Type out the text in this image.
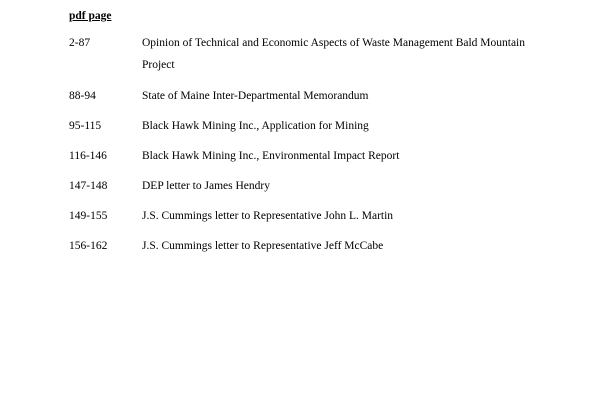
pdf page
2-87	Opinion of Technical and Economic Aspects of Waste Management Bald Mountain Project
88-94	State of Maine Inter-Departmental Memorandum
95-115	Black Hawk Mining Inc., Application for Mining
116-146	Black Hawk Mining Inc., Environmental Impact Report
147-148	DEP letter to James Hendry
149-155	J.S. Cummings letter to Representative John L. Martin
156-162	J.S. Cummings letter to Representative Jeff McCabe
